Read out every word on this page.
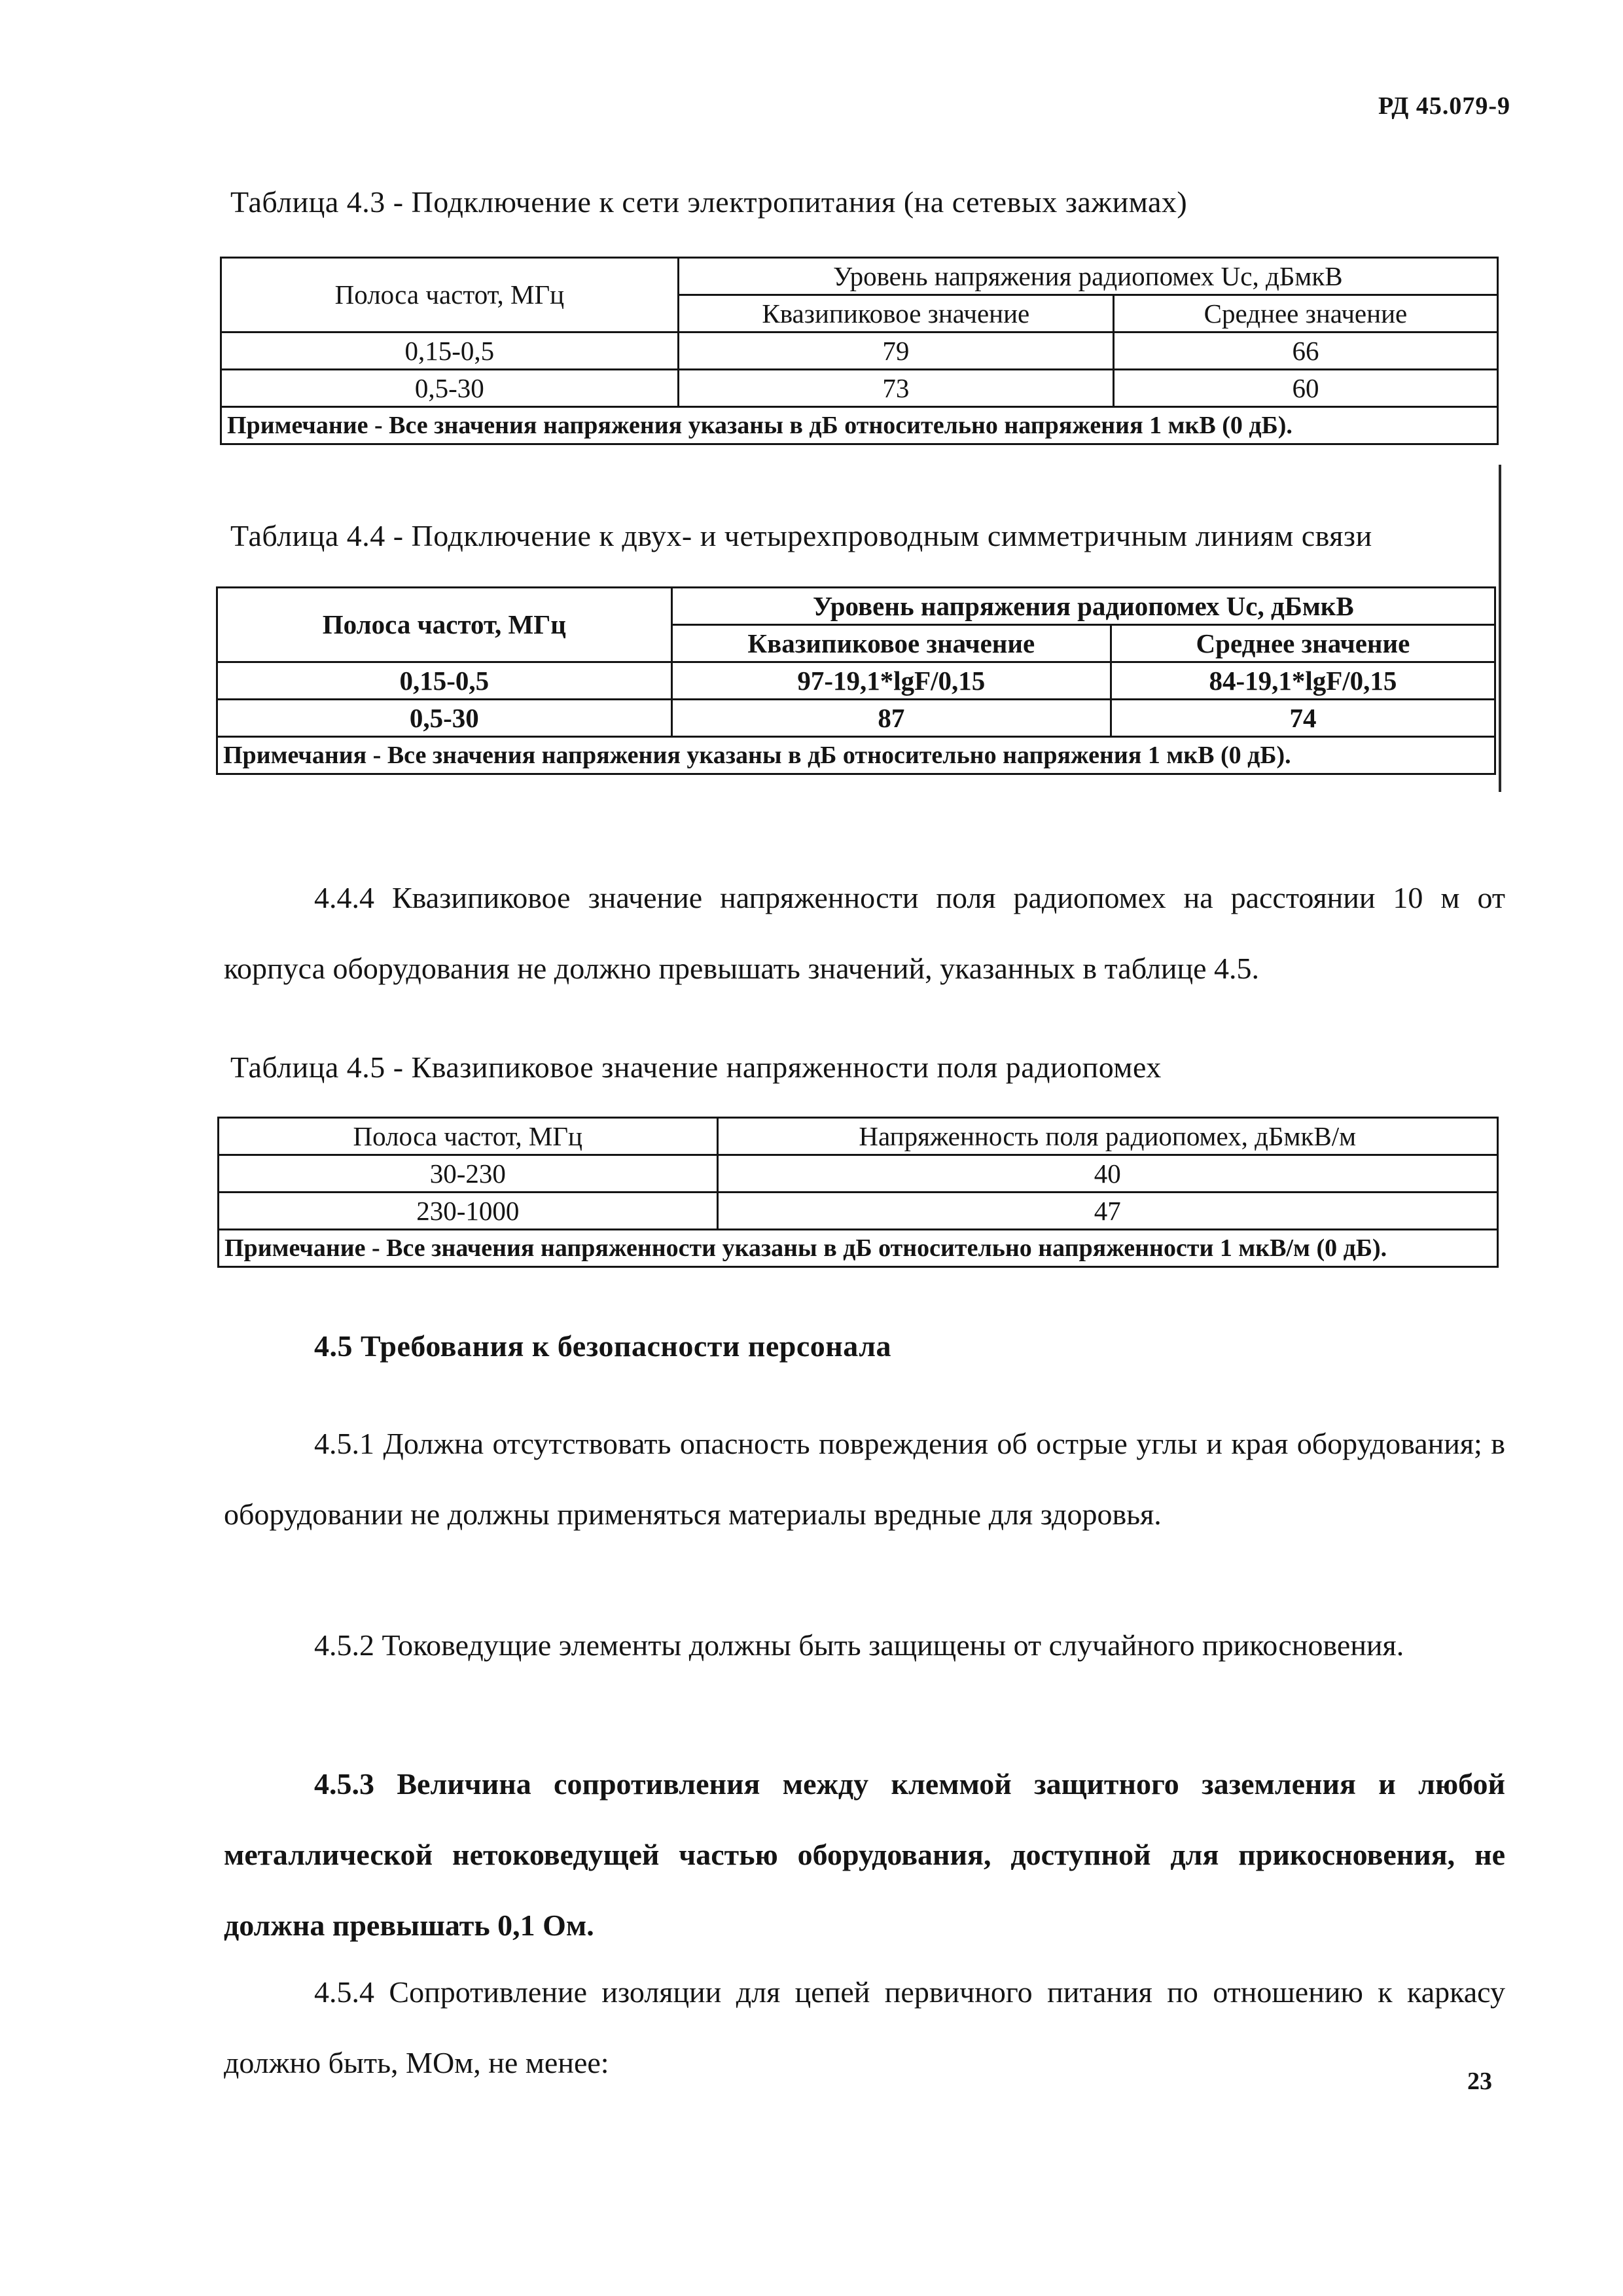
РД 45.079-9
Таблица 4.3 - Подключение к сети электропитания (на сетевых зажимах)
Полоса частот, МГц	Уровень напряжения радиопомех Uc, дБмкВ	
	Квазипиковое значение	Среднее значение
0,15-0,5	79	66
0,5-30	73	60
Примечание - Все значения напряжения указаны в дБ относительно напряжения 1 мкВ (0 дБ).		
Таблица 4.4 - Подключение к двух- и четырехпроводным симметричным линиям связи
Полоса частот, МГц	Уровень напряжения радиопомех Uc, дБмкВ	
	Квазипиковое значение	Среднее значение
0,15-0,5	97-19,1*lgF/0,15	84-19,1*lgF/0,15
0,5-30	87	74
Примечания - Все значения напряжения указаны в дБ относительно напряжения 1 мкВ (0 дБ).		
4.4.4 Квазипиковое значение напряженности поля радиопомех на расстоянии 10 м от корпуса оборудования не должно превышать значений, указанных в таблице 4.5.
Таблица 4.5 - Квазипиковое значение напряженности поля радиопомех
Полоса частот, МГц	Напряженность поля радиопомех, дБмкВ/м
30-230	40
230-1000	47
Примечание - Все значения напряженности указаны в дБ относительно напряженности 1 мкВ/м (0 дБ).	
4.5 Требования к безопасности персонала
4.5.1 Должна отсутствовать опасность повреждения об острые углы и края оборудования; в оборудовании не должны применяться материалы вредные для здоровья.
4.5.2 Токоведущие элементы должны быть защищены от случайного прикосновения.
4.5.3 Величина сопротивления между клеммой защитного заземления и любой металлической нетоковедущей частью оборудования, доступной для прикосновения, не должна превышать 0,1 Ом.
4.5.4 Сопротивление изоляции для цепей первичного питания по отношению к каркасу должно быть, МОм, не менее:
23
